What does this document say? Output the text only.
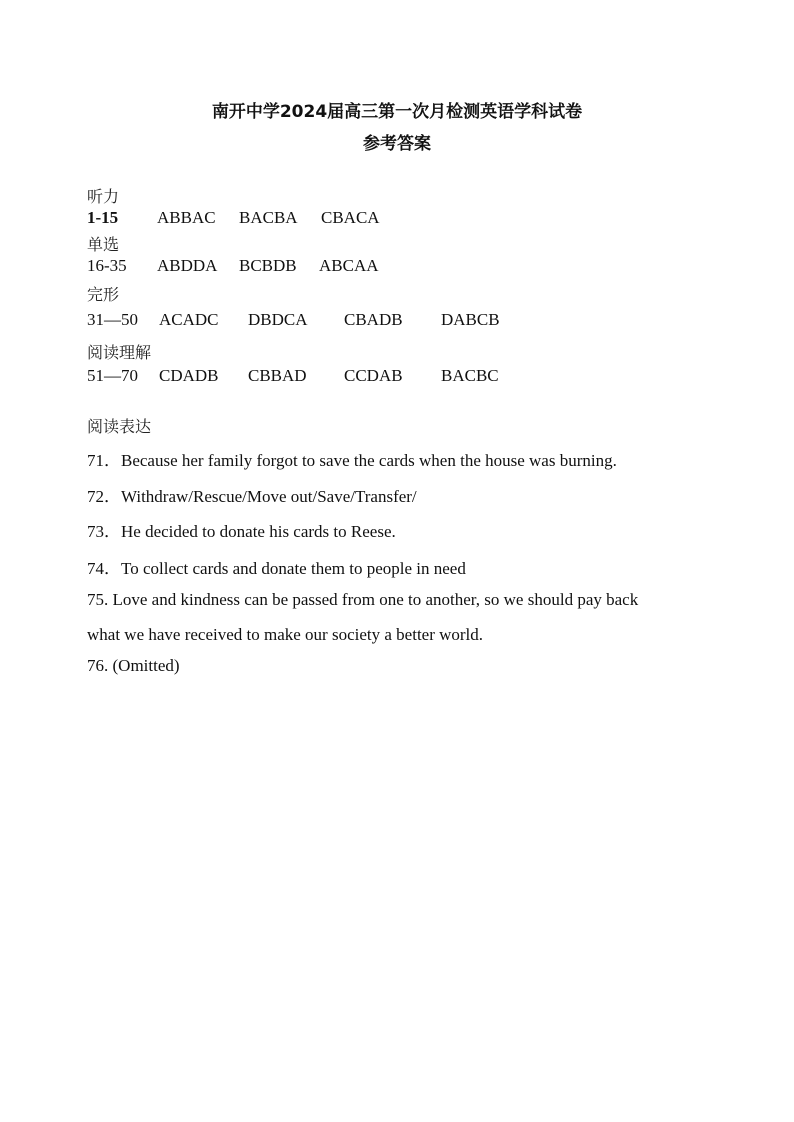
南开中学2024届高三第一次月检测英语学科试卷
参考答案
听力
1-15 ABBAC BACBA CBACA
单选
16-35 ABDDA BCBDB ABCAA
完形
31—50 ACADC DBDCA CBADB DABCB
阅读理解
51—70 CDADB CBBAD CCDAB BACBC
阅读表达
71．Because her family forgot to save the cards when the house was burning.
72．Withdraw/Rescue/Move out/Save/Transfer/
73．He decided to donate his cards to Reese.
74．To collect cards and donate them to people in need
75. Love and kindness can be passed from one to another, so we should pay back
what we have received to make our society a better world.
76. (Omitted)
